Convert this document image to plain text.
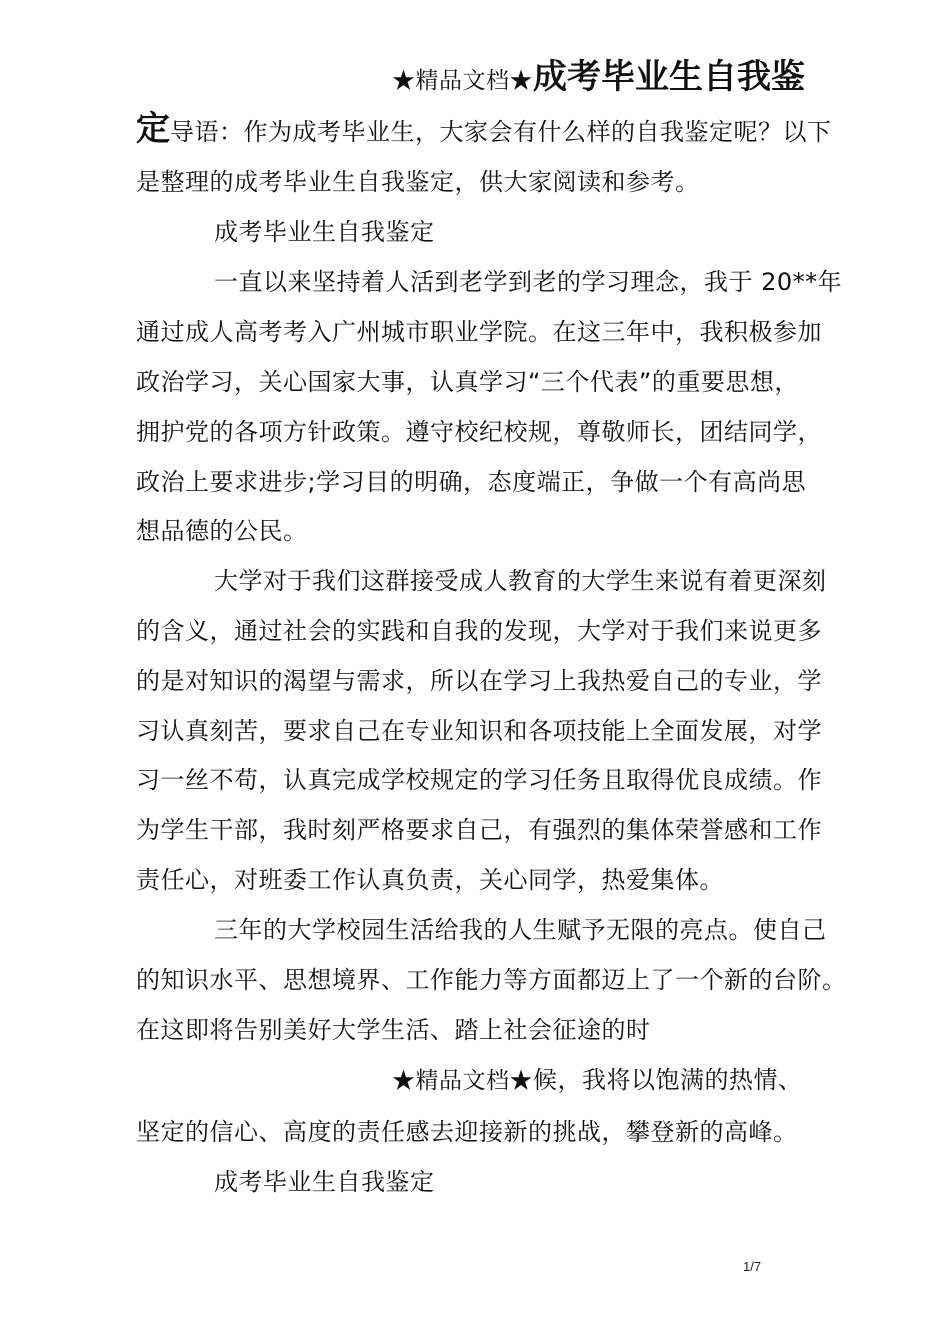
★精品文档★成考毕业生自我鉴
定导语：作为成考毕业生，大家会有什么样的自我鉴定呢？以下
是整理的成考毕业生自我鉴定，供大家阅读和参考。
成考毕业生自我鉴定
一直以来坚持着人活到老学到老的学习理念，我于 20**年
通过成人高考考入广州城市职业学院。在这三年中，我积极参加
政治学习，关心国家大事，认真学习“三个代表”的重要思想，
拥护党的各项方针政策。遵守校纪校规，尊敬师长，团结同学，
政治上要求进步;学习目的明确，态度端正，争做一个有高尚思
想品德的公民。
大学对于我们这群接受成人教育的大学生来说有着更深刻
的含义，通过社会的实践和自我的发现，大学对于我们来说更多
的是对知识的渴望与需求，所以在学习上我热爱自己的专业，学
习认真刻苦，要求自己在专业知识和各项技能上全面发展，对学
习一丝不苟，认真完成学校规定的学习任务且取得优良成绩。作
为学生干部，我时刻严格要求自己，有强烈的集体荣誉感和工作
责任心，对班委工作认真负责，关心同学，热爱集体。
三年的大学校园生活给我的人生赋予无限的亮点。使自己
的知识水平、思想境界、工作能力等方面都迈上了一个新的台阶。
在这即将告别美好大学生活、踏上社会征途的时
★精品文档★候，我将以饱满的热情、
坚定的信心、高度的责任感去迎接新的挑战，攀登新的高峰。
成考毕业生自我鉴定
1/7
